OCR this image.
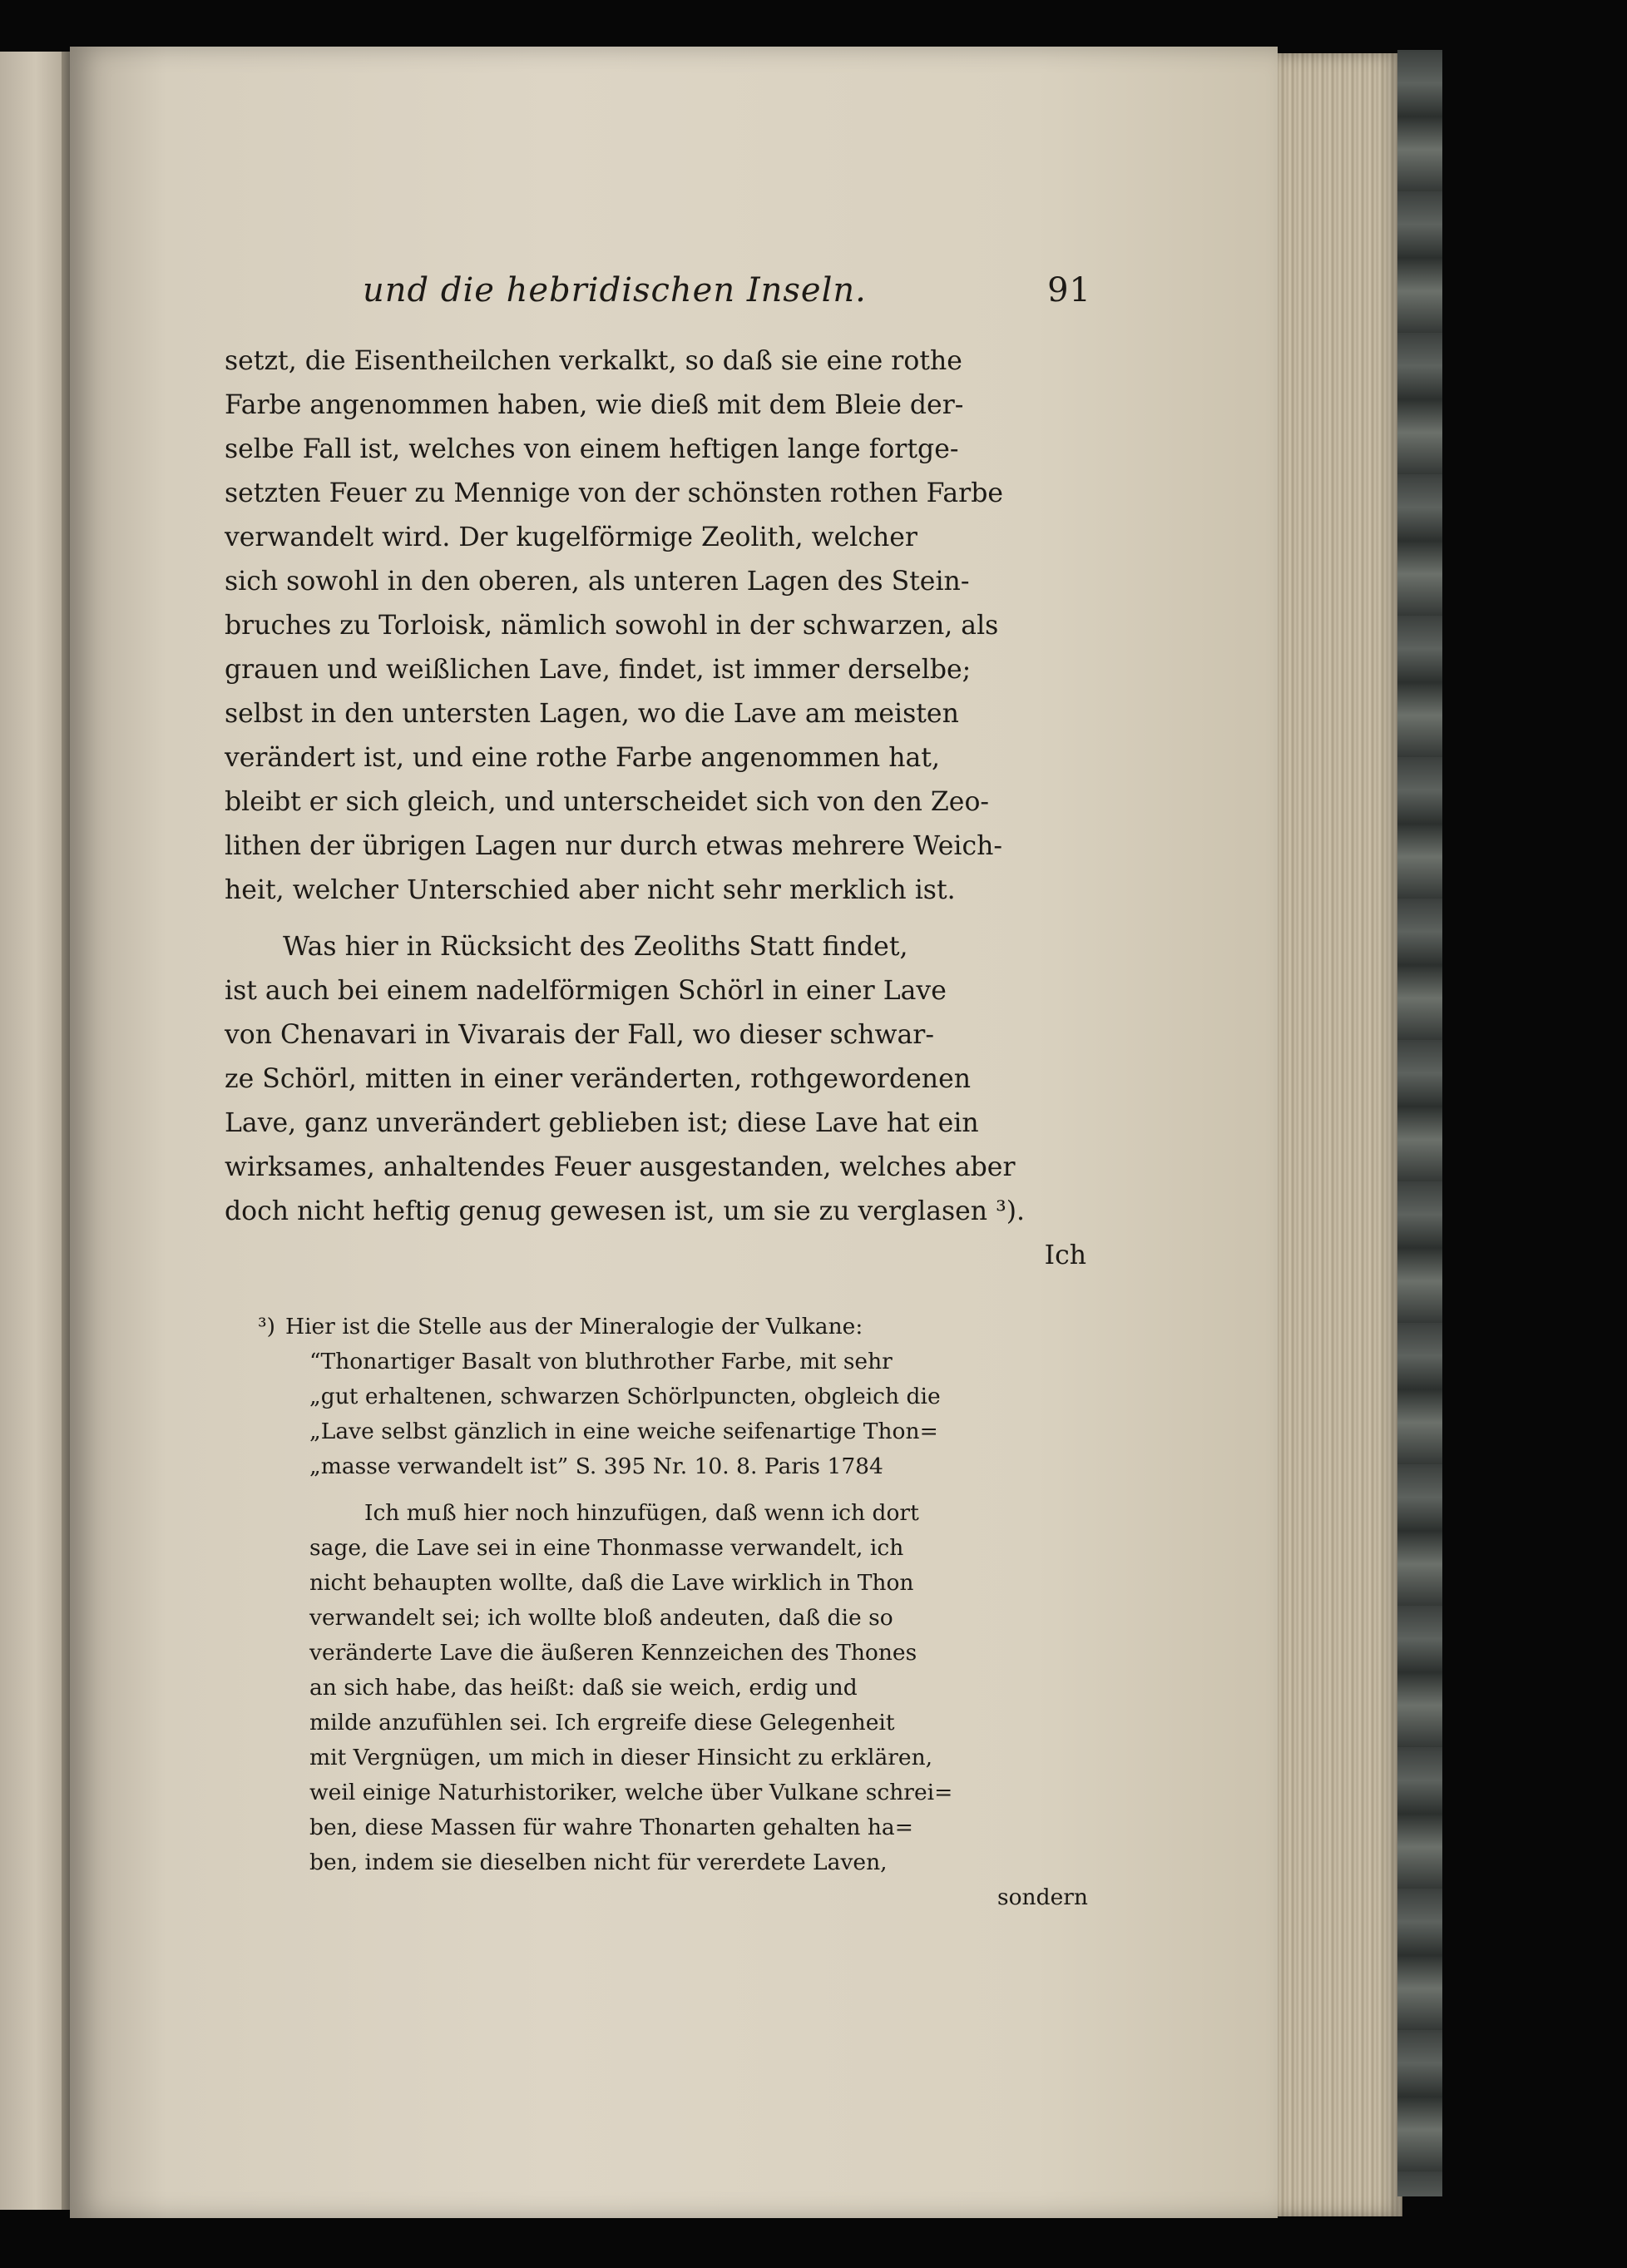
und die hebridischen Inseln.	91
setzt, die Eisentheilchen verkalkt, so daß sie eine rothe
Farbe angenommen haben, wie dieß mit dem Bleie der-
selbe Fall ist, welches von einem heftigen lange fortge-
setzten Feuer zu Mennige von der schönsten rothen Farbe
verwandelt wird. Der kugelförmige Zeolith, welcher
sich sowohl in den oberen, als unteren Lagen des Stein-
bruches zu Torloisk, nämlich sowohl in der schwarzen, als
grauen und weißlichen Lave, findet, ist immer derselbe;
selbst in den untersten Lagen, wo die Lave am meisten
verändert ist, und eine rothe Farbe angenommen hat,
bleibt er sich gleich, und unterscheidet sich von den Zeo-
lithen der übrigen Lagen nur durch etwas mehrere Weich-
heit, welcher Unterschied aber nicht sehr merklich ist.
Was hier in Rücksicht des Zeoliths Statt findet,
ist auch bei einem nadelförmigen Schörl in einer Lave
von Chenavari in Vivarais der Fall, wo dieser schwar-
ze Schörl, mitten in einer veränderten, rothgewordenen
Lave, ganz unverändert geblieben ist; diese Lave hat ein
wirksames, anhaltendes Feuer ausgestanden, welches aber
doch nicht heftig genug gewesen ist, um sie zu verglasen ³).
Ich
³) Hier ist die Stelle aus der Mineralogie der Vulkane:
“Thonartiger Basalt von bluthrother Farbe, mit sehr
„gut erhaltenen, schwarzen Schörlpuncten, obgleich die
„Lave selbst gänzlich in eine weiche seifenartige Thon=
„masse verwandelt ist” S. 395 Nr. 10. 8. Paris 1784
Ich muß hier noch hinzufügen, daß wenn ich dort
sage, die Lave sei in eine Thonmasse verwandelt, ich
nicht behaupten wollte, daß die Lave wirklich in Thon
verwandelt sei; ich wollte bloß andeuten, daß die so
veränderte Lave die äußeren Kennzeichen des Thones
an sich habe, das heißt: daß sie weich, erdig und
milde anzufühlen sei. Ich ergreife diese Gelegenheit
mit Vergnügen, um mich in dieser Hinsicht zu erklären,
weil einige Naturhistoriker, welche über Vulkane schrei=
ben, diese Massen für wahre Thonarten gehalten ha=
ben, indem sie dieselben nicht für vererdete Laven,
sondern
